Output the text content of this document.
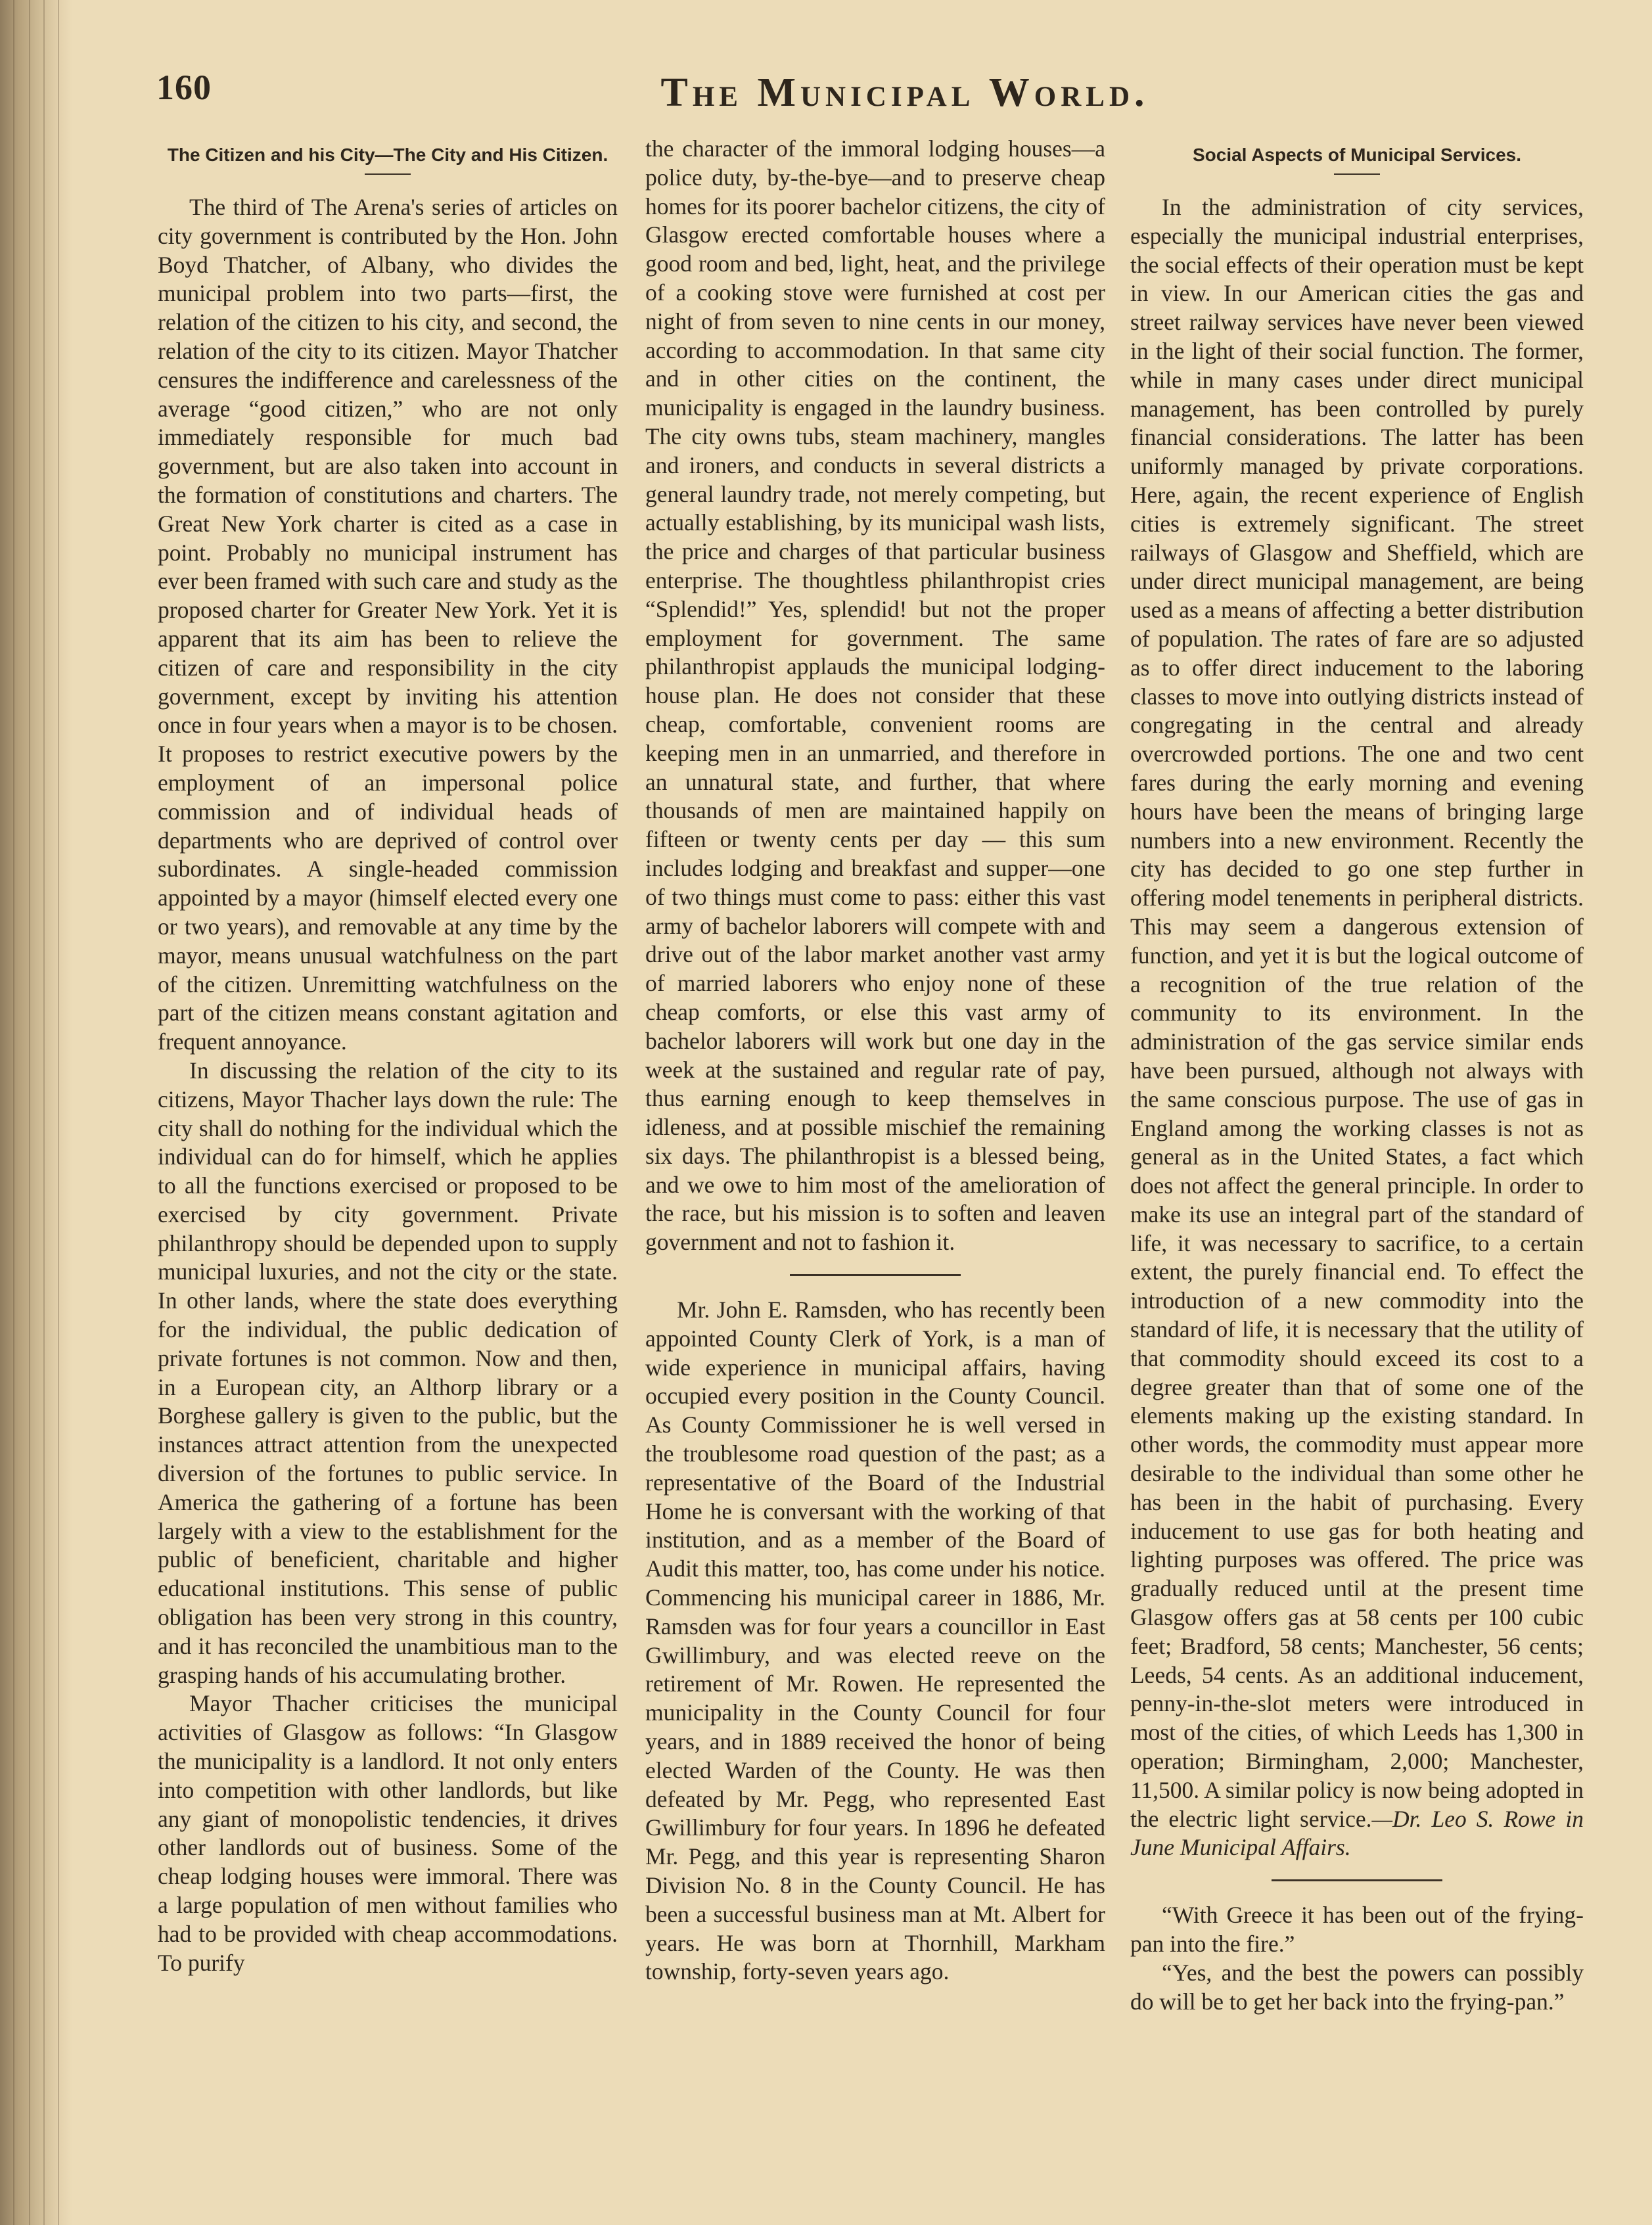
160	The Municipal World.
The Citizen and his City—The City and His Citizen.

The third of The Arena's series of articles on city government is contributed by the Hon. John Boyd Thatcher, of Albany, who divides the municipal problem into two parts—first, the relation of the citizen to his city, and second, the relation of the city to its citizen. Mayor Thatcher censures the indifference and carelessness of the average “good citizen,” who are not only immediately responsible for much bad government, but are also taken into account in the formation of constitutions and charters. The Great New York charter is cited as a case in point. Probably no municipal instrument has ever been framed with such care and study as the proposed charter for Greater New York. Yet it is apparent that its aim has been to relieve the citizen of care and responsibility in the city government, except by inviting his attention once in four years when a mayor is to be chosen. It proposes to restrict executive powers by the employment of an impersonal police commission and of individual heads of departments who are deprived of control over subordinates. A single-headed commission appointed by a mayor (himself elected every one or two years), and removable at any time by the mayor, means unusual watchfulness on the part of the citizen. Unremitting watchfulness on the part of the citizen means constant agitation and frequent annoyance.

In discussing the relation of the city to its citizens, Mayor Thacher lays down the rule: The city shall do nothing for the individual which the individual can do for himself, which he applies to all the functions exercised or proposed to be exercised by city government. Private philanthropy should be depended upon to supply municipal luxuries, and not the city or the state. In other lands, where the state does everything for the individual, the public dedication of private fortunes is not common. Now and then, in a European city, an Althorp library or a Borghese gallery is given to the public, but the instances attract attention from the unexpected diversion of the fortunes to public service. In America the gathering of a fortune has been largely with a view to the establishment for the public of beneficient, charitable and higher educational institutions. This sense of public obligation has been very strong in this country, and it has reconciled the unambitious man to the grasping hands of his accumulating brother.

Mayor Thacher criticises the municipal activities of Glasgow as follows: “In Glasgow the municipality is a landlord. It not only enters into competition with other landlords, but like any giant of monopolistic tendencies, it drives other landlords out of business. Some of the cheap lodging houses were immoral. There was a large population of men without families who had to be provided with cheap accommodations. To purify

the character of the immoral lodging houses—a police duty, by-the-bye—and to preserve cheap homes for its poorer bachelor citizens, the city of Glasgow erected comfortable houses where a good room and bed, light, heat, and the privilege of a cooking stove were furnished at cost per night of from seven to nine cents in our money, according to accommodation. In that same city and in other cities on the continent, the municipality is engaged in the laundry business. The city owns tubs, steam machinery, mangles and ironers, and conducts in several districts a general laundry trade, not merely competing, but actually establishing, by its municipal wash lists, the price and charges of that particular business enterprise. The thoughtless philanthropist cries “Splendid!” Yes, splendid! but not the proper employment for government. The same philanthropist applauds the municipal lodging-house plan. He does not consider that these cheap, comfortable, convenient rooms are keeping men in an unmarried, and therefore in an unnatural state, and further, that where thousands of men are maintained happily on fifteen or twenty cents per day — this sum includes lodging and breakfast and supper—one of two things must come to pass: either this vast army of bachelor laborers will compete with and drive out of the labor market another vast army of married laborers who enjoy none of these cheap comforts, or else this vast army of bachelor laborers will work but one day in the week at the sustained and regular rate of pay, thus earning enough to keep themselves in idleness, and at possible mischief the remaining six days. The philanthropist is a blessed being, and we owe to him most of the amelioration of the race, but his mission is to soften and leaven government and not to fashion it.

Mr. John E. Ramsden, who has recently been appointed County Clerk of York, is a man of wide experience in municipal affairs, having occupied every position in the County Council. As County Commissioner he is well versed in the troublesome road question of the past; as a representative of the Board of the Industrial Home he is conversant with the working of that institution, and as a member of the Board of Audit this matter, too, has come under his notice. Commencing his municipal career in 1886, Mr. Ramsden was for four years a councillor in East Gwillimbury, and was elected reeve on the retirement of Mr. Rowen. He represented the municipality in the County Council for four years, and in 1889 received the honor of being elected Warden of the County. He was then defeated by Mr. Pegg, who represented East Gwillimbury for four years. In 1896 he defeated Mr. Pegg, and this year is representing Sharon Division No. 8 in the County Council. He has been a successful business man at Mt. Albert for years. He was born at Thornhill, Markham township, forty-seven years ago.

Social Aspects of Municipal Services.

In the administration of city services, especially the municipal industrial enterprises, the social effects of their operation must be kept in view. In our American cities the gas and street railway services have never been viewed in the light of their social function. The former, while in many cases under direct municipal management, has been controlled by purely financial considerations. The latter has been uniformly managed by private corporations. Here, again, the recent experience of English cities is extremely significant. The street railways of Glasgow and Sheffield, which are under direct municipal management, are being used as a means of affecting a better distribution of population. The rates of fare are so adjusted as to offer direct inducement to the laboring classes to move into outlying districts instead of congregating in the central and already overcrowded portions. The one and two cent fares during the early morning and evening hours have been the means of bringing large numbers into a new environment. Recently the city has decided to go one step further in offering model tenements in peripheral districts. This may seem a dangerous extension of function, and yet it is but the logical outcome of a recognition of the true relation of the community to its environment. In the administration of the gas service similar ends have been pursued, although not always with the same conscious purpose. The use of gas in England among the working classes is not as general as in the United States, a fact which does not affect the general principle. In order to make its use an integral part of the standard of life, it was necessary to sacrifice, to a certain extent, the purely financial end. To effect the introduction of a new commodity into the standard of life, it is necessary that the utility of that commodity should exceed its cost to a degree greater than that of some one of the elements making up the existing standard. In other words, the commodity must appear more desirable to the individual than some other he has been in the habit of purchasing. Every inducement to use gas for both heating and lighting purposes was offered. The price was gradually reduced until at the present time Glasgow offers gas at 58 cents per 100 cubic feet; Bradford, 58 cents; Manchester, 56 cents; Leeds, 54 cents. As an additional inducement, penny-in-the-slot meters were introduced in most of the cities, of which Leeds has 1,300 in operation; Birmingham, 2,000; Manchester, 11,500. A similar policy is now being adopted in the electric light service.—Dr. Leo S. Rowe in June Municipal Affairs.

“With Greece it has been out of the frying-pan into the fire.”

“Yes, and the best the powers can possibly do will be to get her back into the frying-pan.”
